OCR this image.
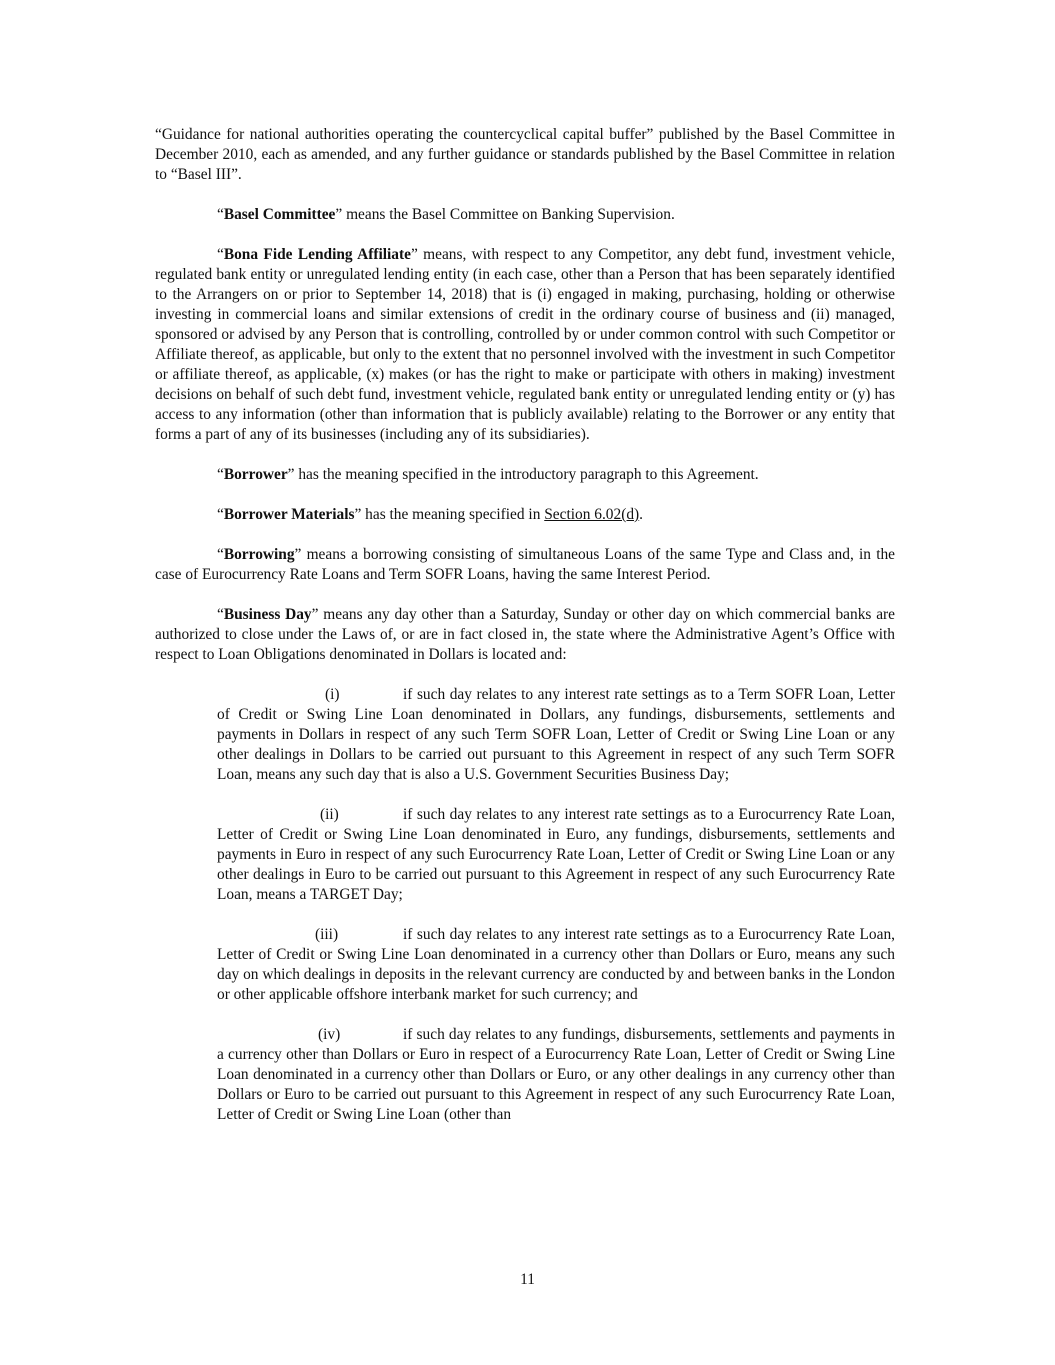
“Guidance for national authorities operating the countercyclical capital buffer” published by the Basel Committee in December 2010, each as amended, and any further guidance or standards published by the Basel Committee in relation to “Basel III”.

“Basel Committee” means the Basel Committee on Banking Supervision.

“Bona Fide Lending Affiliate” means, with respect to any Competitor, any debt fund, investment vehicle, regulated bank entity or unregulated lending entity (in each case, other than a Person that has been separately identified to the Arrangers on or prior to September 14, 2018) that is (i) engaged in making, purchasing, holding or otherwise investing in commercial loans and similar extensions of credit in the ordinary course of business and (ii) managed, sponsored or advised by any Person that is controlling, controlled by or under common control with such Competitor or Affiliate thereof, as applicable, but only to the extent that no personnel involved with the investment in such Competitor or affiliate thereof, as applicable, (x) makes (or has the right to make or participate with others in making) investment decisions on behalf of such debt fund, investment vehicle, regulated bank entity or unregulated lending entity or (y) has access to any information (other than information that is publicly available) relating to the Borrower or any entity that forms a part of any of its businesses (including any of its subsidiaries).

“Borrower” has the meaning specified in the introductory paragraph to this Agreement.

“Borrower Materials” has the meaning specified in Section 6.02(d).

“Borrowing” means a borrowing consisting of simultaneous Loans of the same Type and Class and, in the case of Eurocurrency Rate Loans and Term SOFR Loans, having the same Interest Period.

“Business Day” means any day other than a Saturday, Sunday or other day on which commercial banks are authorized to close under the Laws of, or are in fact closed in, the state where the Administrative Agent’s Office with respect to Loan Obligations denominated in Dollars is located and:

(i)	if such day relates to any interest rate settings as to a Term SOFR Loan, Letter of Credit or Swing Line Loan denominated in Dollars, any fundings, disbursements, settlements and payments in Dollars in respect of any such Term SOFR Loan, Letter of Credit or Swing Line Loan or any other dealings in Dollars to be carried out pursuant to this Agreement in respect of any such Term SOFR Loan, means any such day that is also a U.S. Government Securities Business Day;

(ii)	if such day relates to any interest rate settings as to a Eurocurrency Rate Loan, Letter of Credit or Swing Line Loan denominated in Euro, any fundings, disbursements, settlements and payments in Euro in respect of any such Eurocurrency Rate Loan, Letter of Credit or Swing Line Loan or any other dealings in Euro to be carried out pursuant to this Agreement in respect of any such Eurocurrency Rate Loan, means a TARGET Day;

(iii)	if such day relates to any interest rate settings as to a Eurocurrency Rate Loan, Letter of Credit or Swing Line Loan denominated in a currency other than Dollars or Euro, means any such day on which dealings in deposits in the relevant currency are conducted by and between banks in the London or other applicable offshore interbank market for such currency; and

(iv)	if such day relates to any fundings, disbursements, settlements and payments in a currency other than Dollars or Euro in respect of a Eurocurrency Rate Loan, Letter of Credit or Swing Line Loan denominated in a currency other than Dollars or Euro, or any other dealings in any currency other than Dollars or Euro to be carried out pursuant to this Agreement in respect of any such Eurocurrency Rate Loan, Letter of Credit or Swing Line Loan (other than

11
